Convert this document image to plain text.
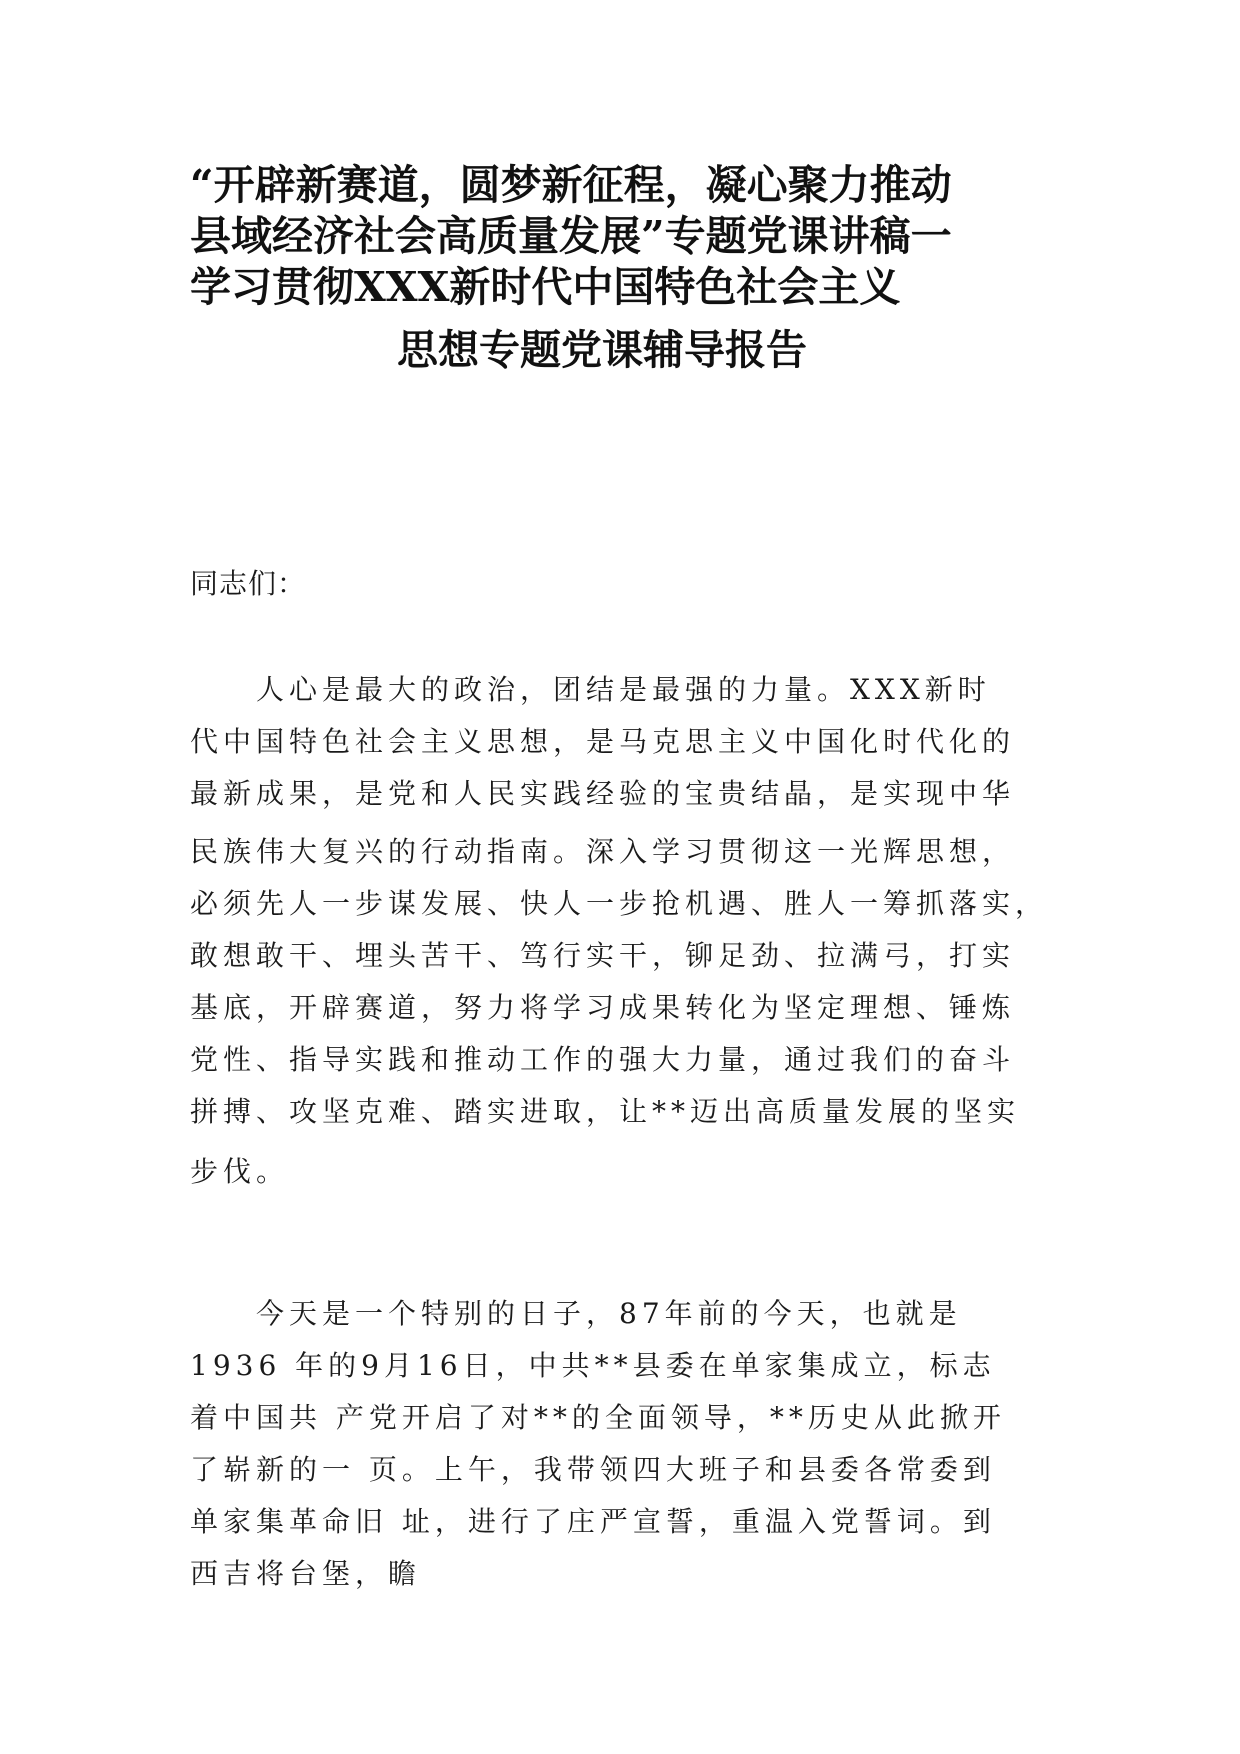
“开辟新赛道，圆梦新征程，凝心聚力推动
县域经济社会高质量发展”专题党课讲稿一
学习贯彻XXX新时代中国特色社会主义
思想专题党课辅导报告
同志们：
人心是最大的政治，团结是最强的力量。XXX新时
代中国特色社会主义思想，是马克思主义中国化时代化的
最新成果，是党和人民实践经验的宝贵结晶，是实现中华
民族伟大复兴的行动指南。深入学习贯彻这一光辉思想，
必须先人一步谋发展、快人一步抢机遇、胜人一筹抓落实，
敢想敢干、埋头苦干、笃行实干，铆足劲、拉满弓，打实
基底，开辟赛道，努力将学习成果转化为坚定理想、锤炼
党性、指导实践和推动工作的强大力量，通过我们的奋斗
拼搏、攻坚克难、踏实进取，让**迈出高质量发展的坚实
步伐。
今天是一个特别的日子，87年前的今天，也就是
1936 年的9月16日，中共**县委在单家集成立，标志
着中国共 产党开启了对**的全面领导，**历史从此掀开
了崭新的一 页。上午，我带领四大班子和县委各常委到
单家集革命旧 址，进行了庄严宣誓，重温入党誓词。到
西吉将台堡，瞻
